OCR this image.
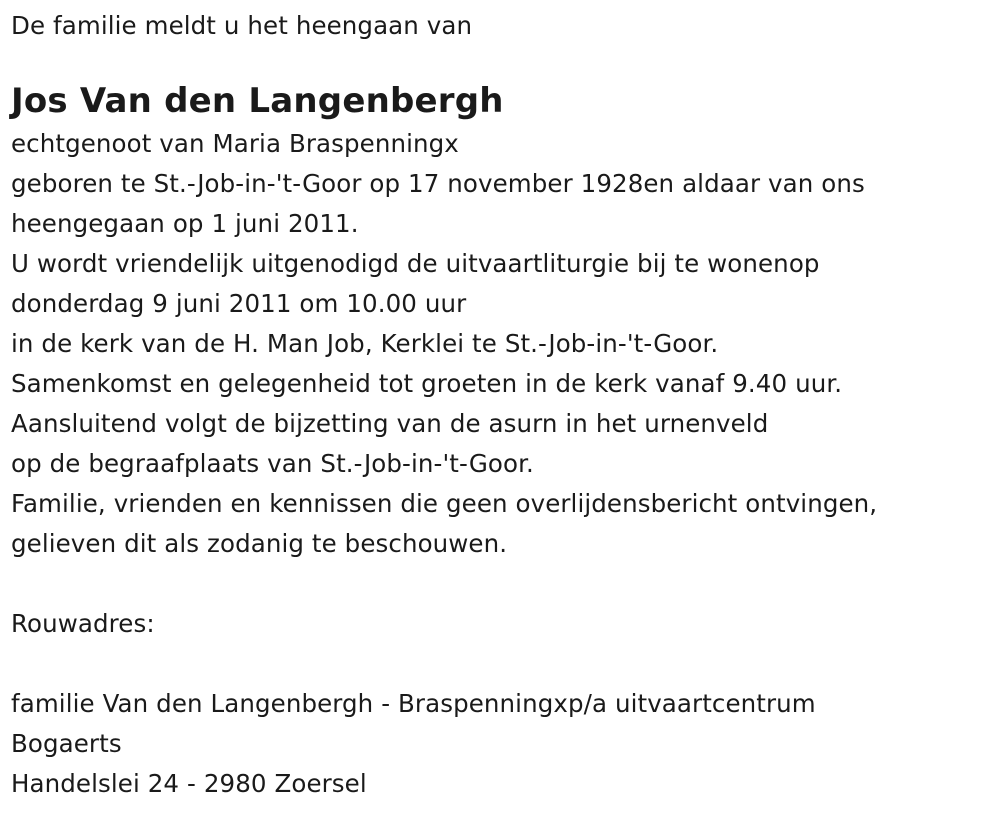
De familie meldt u het heengaan van
Jos Van den Langenbergh
echtgenoot van Maria Braspenningx
geboren te St.-Job-in-'t-Goor op 17 november 1928en aldaar van ons
heengegaan op 1 juni 2011.
U wordt vriendelijk uitgenodigd de uitvaartliturgie bij te wonenop
donderdag 9 juni 2011 om 10.00 uur
in de kerk van de H. Man Job, Kerklei te St.-Job-in-'t-Goor.
Samenkomst en gelegenheid tot groeten in de kerk vanaf 9.40 uur.
Aansluitend volgt de bijzetting van de asurn in het urnenveld
op de begraafplaats van St.-Job-in-'t-Goor.
Familie, vrienden en kennissen die geen overlijdensbericht ontvingen,
gelieven dit als zodanig te beschouwen.
Rouwadres:
familie Van den Langenbergh - Braspenningxp/a uitvaartcentrum
Bogaerts
Handelslei 24 - 2980 Zoersel
